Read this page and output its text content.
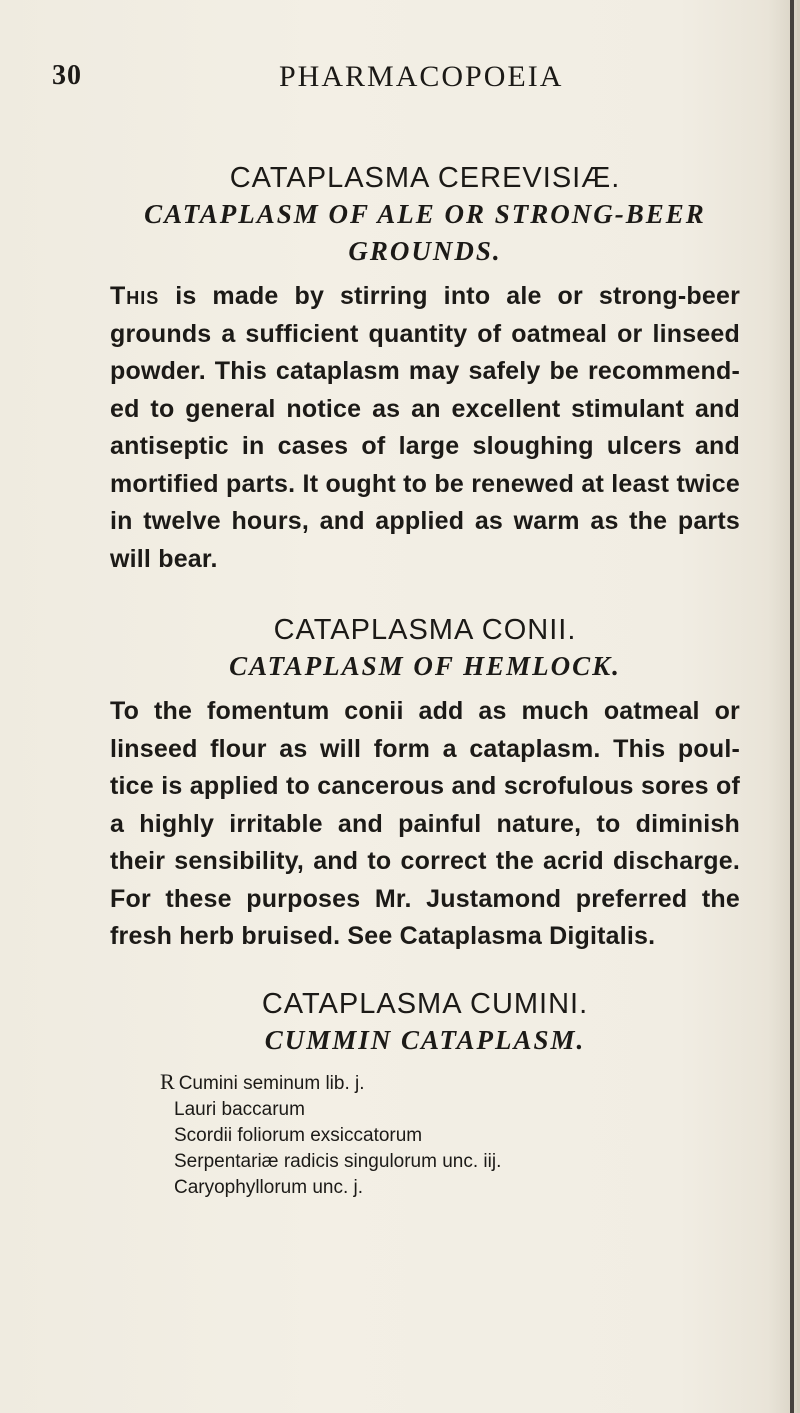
30	PHARMACOPOEIA

CATAPLASMA CEREVISIÆ.

CATAPLASM OF ALE OR STRONG-BEER

GROUNDS.

This is made by stirring into ale or strong-beer grounds a sufficient quantity of oatmeal or linseed powder. This cataplasm may safely be recommend-ed to general notice as an excellent stimulant and antiseptic in cases of large sloughing ulcers and mortified parts. It ought to be renewed at least twice in twelve hours, and applied as warm as the parts will bear.

CATAPLASMA CONII.

CATAPLASM OF HEMLOCK.

To the fomentum conii add as much oatmeal or linseed flour as will form a cataplasm. This poul-tice is applied to cancerous and scrofulous sores of a highly irritable and painful nature, to diminish their sensibility, and to correct the acrid discharge. For these purposes Mr. Justamond preferred the fresh herb bruised. See Cataplasma Digitalis.

CATAPLASMA CUMINI.

CUMMIN CATAPLASM.

R Cumini seminum lib. j.
Lauri baccarum
Scordii foliorum exsiccatorum
Serpentariæ radicis singulorum unc. iij.
Caryophyllorum unc. j.
